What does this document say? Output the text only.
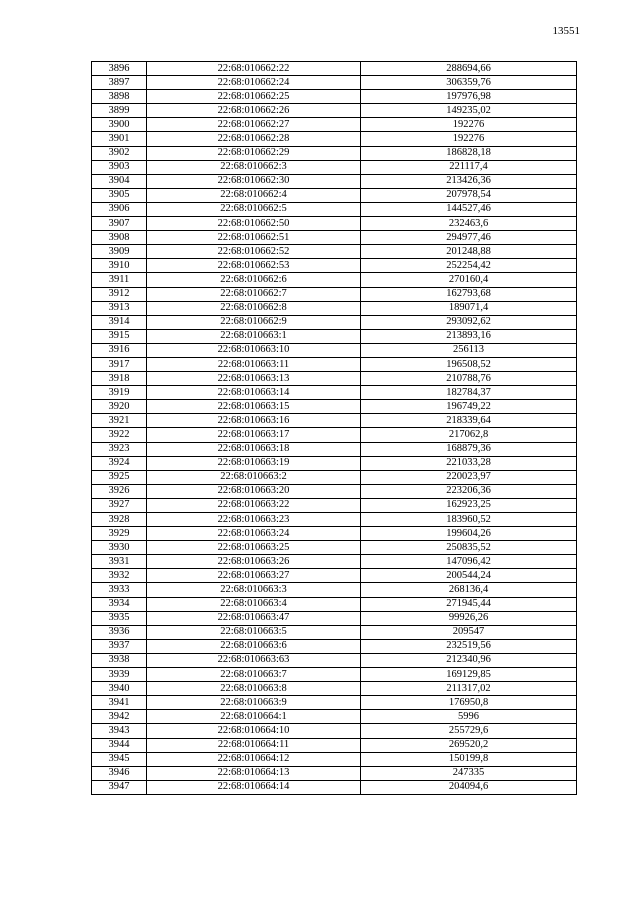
13551
3896	22:68:010662:22	288694,66
3897	22:68:010662:24	306359,76
3898	22:68:010662:25	197976,98
3899	22:68:010662:26	149235,02
3900	22:68:010662:27	192276
3901	22:68:010662:28	192276
3902	22:68:010662:29	186828,18
3903	22:68:010662:3	221117,4
3904	22:68:010662:30	213426,36
3905	22:68:010662:4	207978,54
3906	22:68:010662:5	144527,46
3907	22:68:010662:50	232463,6
3908	22:68:010662:51	294977,46
3909	22:68:010662:52	201248,88
3910	22:68:010662:53	252254,42
3911	22:68:010662:6	270160,4
3912	22:68:010662:7	162793,68
3913	22:68:010662:8	189071,4
3914	22:68:010662:9	293092,62
3915	22:68:010663:1	213893,16
3916	22:68:010663:10	256113
3917	22:68:010663:11	196508,52
3918	22:68:010663:13	210788,76
3919	22:68:010663:14	182784,37
3920	22:68:010663:15	196749,22
3921	22:68:010663:16	218339,64
3922	22:68:010663:17	217062,8
3923	22:68:010663:18	168879,36
3924	22:68:010663:19	221033,28
3925	22:68:010663:2	220023,97
3926	22:68:010663:20	223206,36
3927	22:68:010663:22	162923,25
3928	22:68:010663:23	183960,52
3929	22:68:010663:24	199604,26
3930	22:68:010663:25	250835,52
3931	22:68:010663:26	147096,42
3932	22:68:010663:27	200544,24
3933	22:68:010663:3	268136,4
3934	22:68:010663:4	271945,44
3935	22:68:010663:47	99926,26
3936	22:68:010663:5	209547
3937	22:68:010663:6	232519,56
3938	22:68:010663:63	212340,96
3939	22:68:010663:7	169129,85
3940	22:68:010663:8	211317,02
3941	22:68:010663:9	176950,8
3942	22:68:010664:1	5996
3943	22:68:010664:10	255729,6
3944	22:68:010664:11	269520,2
3945	22:68:010664:12	150199,8
3946	22:68:010664:13	247335
3947	22:68:010664:14	204094,6
